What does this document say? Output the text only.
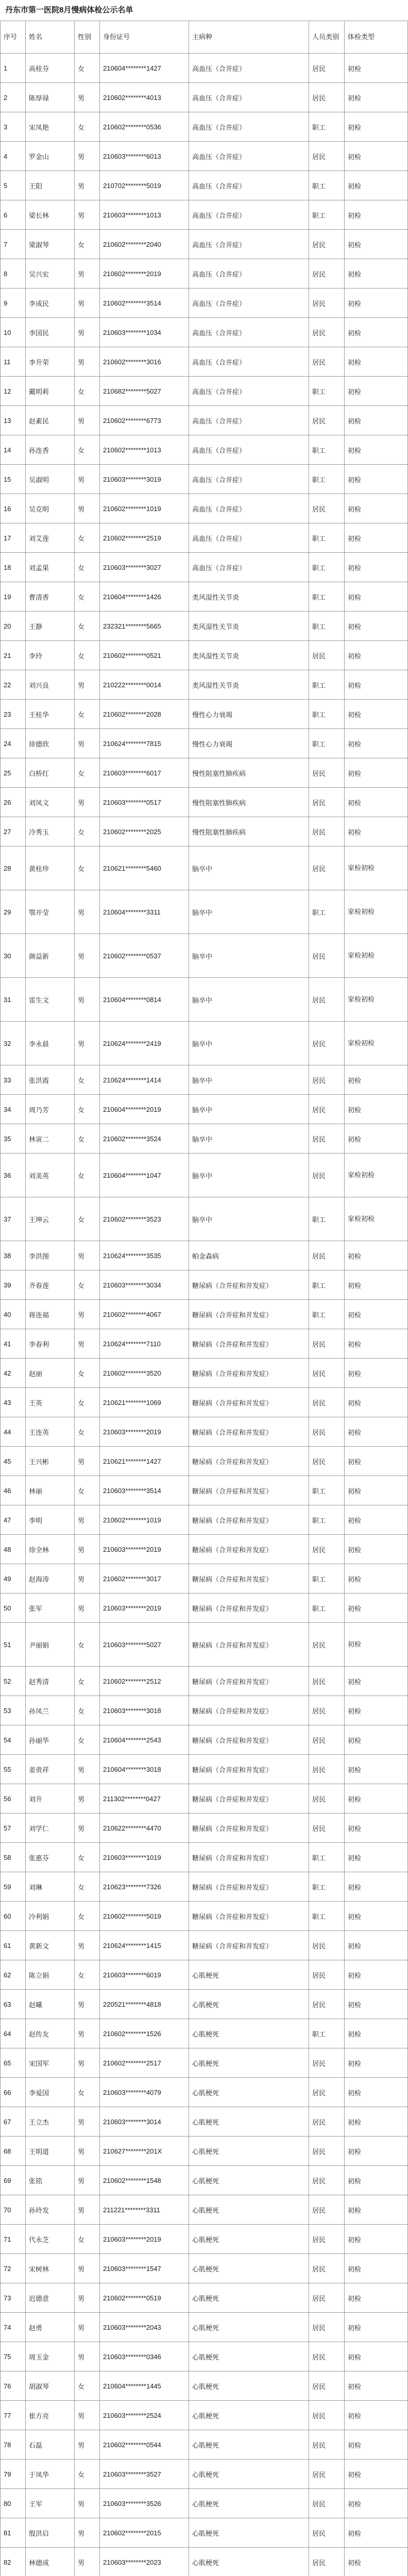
丹东市第一医院8月慢病体检公示名单
序号	姓名	性别	身份证号	主病种	人员类别	体检类型
1	高桂芬	女	210604********1427	高血压（合并症）	居民	初检
2	陈厚禄	男	210602********4013	高血压（合并症）	居民	初检
3	宋凤艳	女	210602********0536	高血压（合并症）	职工	初检
4	罗金山	男	210603********6013	高血压（合并症）	居民	初检
5	王阳	男	210702********5019	高血压（合并症）	职工	初检
6	梁长林	男	210603********1013	高血压（合并症）	职工	初检
7	梁淑琴	女	210602********2040	高血压（合并症）	居民	初检
8	吴兴宏	男	210602********2019	高血压（合并症）	居民	初检
9	李成民	男	210602********3514	高血压（合并症）	居民	初检
10	李国民	男	210603********1034	高血压（合并症）	居民	初检
11	李升荣	男	210602********3016	高血压（合并症）	居民	初检
12	戴明莉	女	210682********5027	高血压（合并症）	职工	初检
13	赵素民	男	210602********6773	高血压（合并症）	居民	初检
14	孙连香	女	210602********1013	高血压（合并症）	职工	初检
15	吴淑明	男	210603********3019	高血压（合并症）	职工	初检
16	吴克明	男	210602********1019	高血压（合并症）	居民	初检
17	刘艾莲	女	210602********2519	高血压（合并症）	职工	初检
18	刘孟果	女	210603********3027	高血压（合并症）	职工	初检
19	曹清香	女	210604********1426	类风湿性关节炎	职工	初检
20	王静	女	232321********5665	类风湿性关节炎	职工	初检
21	李玲	女	210602********0521	类风湿性关节炎	居民	初检
22	刘兴良	男	210222********0014	类风湿性关节炎	职工	初检
23	王桂华	女	210602********2028	慢性心力衰竭	职工	初检
24	徐德欣	男	210624********7815	慢性心力衰竭	职工	初检
25	白桥红	女	210603********6017	慢性阻塞性肺疾病	居民	初检
26	刘凤文	男	210603********0517	慢性阻塞性肺疾病	居民	初检
27	冷秀玉	女	210602********2025	慢性阻塞性肺疾病	居民	初检
28	黄桂珍	女	210621********5460	脑卒中	居民	家检初检
29	鄂开莹	男	210604********3311	脑卒中	职工	家检初检
30	颜益新	男	210602********0537	脑卒中	居民	家检初检
31	雷生文	男	210604********0814	脑卒中	居民	家检初检
32	李永晨	男	210624********2419	脑卒中	居民	家检初检
33	张洪霞	女	210624********1414	脑卒中	居民	初检
34	周乃芳	女	210604********2019	脑卒中	居民	初检
35	林寅二	女	210602********3524	脑卒中	居民	初检
36	刘美英	女	210604********1047	脑卒中	居民	家检初检
37	王坤云	女	210602********3523	脑卒中	职工	家检初检
38	李洪图	男	210624********3535	帕金森病	居民	初检
39	齐春莲	女	210603********3034	糖尿病（合并症和并发症）	职工	初检
40	蒋连福	男	210602********4067	糖尿病（合并症和并发症）	职工	初检
41	李春利	男	210624********7110	糖尿病（合并症和并发症）	居民	初检
42	赵丽	女	210602********3520	糖尿病（合并症和并发症）	居民	初检
43	王英	女	210621********1069	糖尿病（合并症和并发症）	居民	初检
44	王连英	女	210603********2019	糖尿病（合并症和并发症）	居民	初检
45	王兴彬	男	210621********1427	糖尿病（合并症和并发症）	居民	初检
46	林丽	女	210603********3514	糖尿病（合并症和并发症）	职工	初检
47	李明	男	210602********1019	糖尿病（合并症和并发症）	职工	初检
48	徐全林	男	210603********2019	糖尿病（合并症和并发症）	居民	初检
49	赵海涛	男	210602********3017	糖尿病（合并症和并发症）	职工	初检
50	张军	男	210603********2019	糖尿病（合并症和并发症）	职工	初检
51	尹丽娟	女	210603********5027	糖尿病（合并症和并发症）	居民	初检
52	赵秀清	女	210602********2512	糖尿病（合并症和并发症）	居民	初检
53	孙凤兰	女	210603********3018	糖尿病（合并症和并发症）	居民	初检
54	孙丽华	女	210604********2543	糖尿病（合并症和并发症）	居民	初检
55	姜贵祥	男	210604********3018	糖尿病（合并症和并发症）	居民	初检
56	刘升	男	211302********0427	糖尿病（合并症和并发症）	居民	初检
57	刘学仁	男	210622********4470	糖尿病（合并症和并发症）	居民	初检
58	张惠芬	女	210603********1019	糖尿病（合并症和并发症）	职工	初检
59	刘琳	女	210623********7326	糖尿病（合并症和并发症）	职工	初检
60	冷利娟	女	210602********5019	糖尿病（合并症和并发症）	职工	初检
61	黄新文	男	210624********1415	糖尿病（合并症和并发症）	居民	初检
62	陈立娟	女	210603********6019	心肌梗死	居民	初检
63	赵曦	男	220521********4818	心肌梗死	居民	初检
64	赵传友	男	210602********1526	心肌梗死	职工	初检
65	宋国军	男	210602********2517	心肌梗死	居民	初检
66	李爱国	女	210603********4079	心肌梗死	居民	初检
67	王立杰	男	210603********3014	心肌梗死	居民	初检
68	王明道	男	210627********201X	心肌梗死	居民	初检
69	张铭	男	210602********1548	心肌梗死	居民	初检
70	孙玲发	男	211221********3311	心肌梗死	居民	初检
71	代永芝	女	210603********2019	心肌梗死	居民	初检
72	宋树林	男	210603********1547	心肌梗死	居民	初检
73	迟德意	男	210602********0519	心肌梗死	居民	初检
74	赵勇	男	210603********2043	心肌梗死	居民	初检
75	周玉金	男	210603********0346	心肌梗死	居民	初检
76	胡淑琴	女	210604********1445	心肌梗死	居民	初检
77	崔方亮	男	210603********2524	心肌梗死	居民	初检
78	石磊	男	210602********0544	心肌梗死	居民	初检
79	于凤华	女	210603********3527	心肌梗死	居民	初检
80	王军	男	210603********3526	心肌梗死	居民	初检
81	殷洪启	男	210602********2015	心肌梗死	居民	初检
82	林德成	男	210603********2023	心肌梗死	居民	初检
